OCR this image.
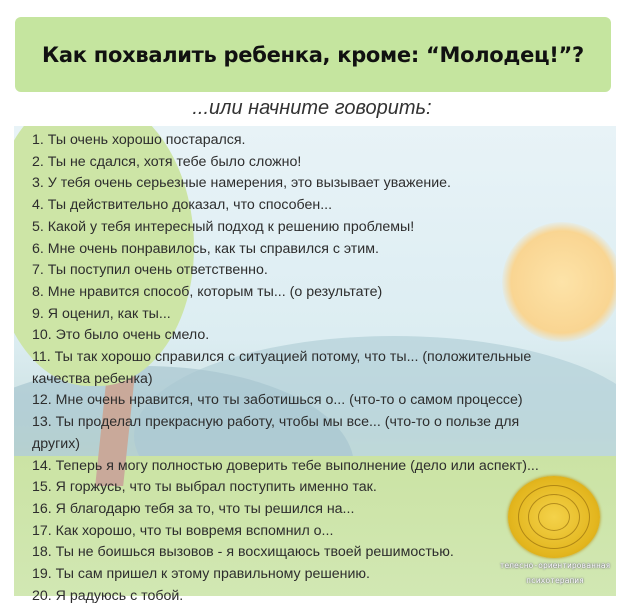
Как похвалить ребенка, кроме: “Молодец!”?
...или начните говорить:
1. Ты очень хорошо постарался.
2. Ты не сдался, хотя тебе было сложно!
3. У тебя очень серьезные намерения, это вызывает уважение.
4. Ты действительно доказал, что способен...
5. Какой у тебя интересный подход к решению проблемы!
6. Мне очень понравилось, как ты справился с этим.
7. Ты поступил очень ответственно.
8. Мне нравится способ, которым ты... (о результате)
9. Я оценил, как ты...
10. Это было очень смело.
11. Ты так хорошо справился с ситуацией потому, что ты... (положительные
качества ребенка)
12. Мне очень нравится, что ты заботишься о... (что-то о самом процессе)
13. Ты проделал прекрасную работу, чтобы мы все... (что-то о пользе для
других)
14. Теперь я могу полностью доверить тебе выполнение (дело или аспект)...
15. Я горжусь, что ты выбрал поступить именно так.
16. Я благодарю тебя за то, что ты решился на...
17. Как хорошо, что ты вовремя вспомнил о...
18. Ты не боишься вызовов - я восхищаюсь твоей решимостью.
19. Ты сам пришел к этому правильному решению.
20. Я радуюсь с тобой.
телесно-ориентированная
психотерапия
